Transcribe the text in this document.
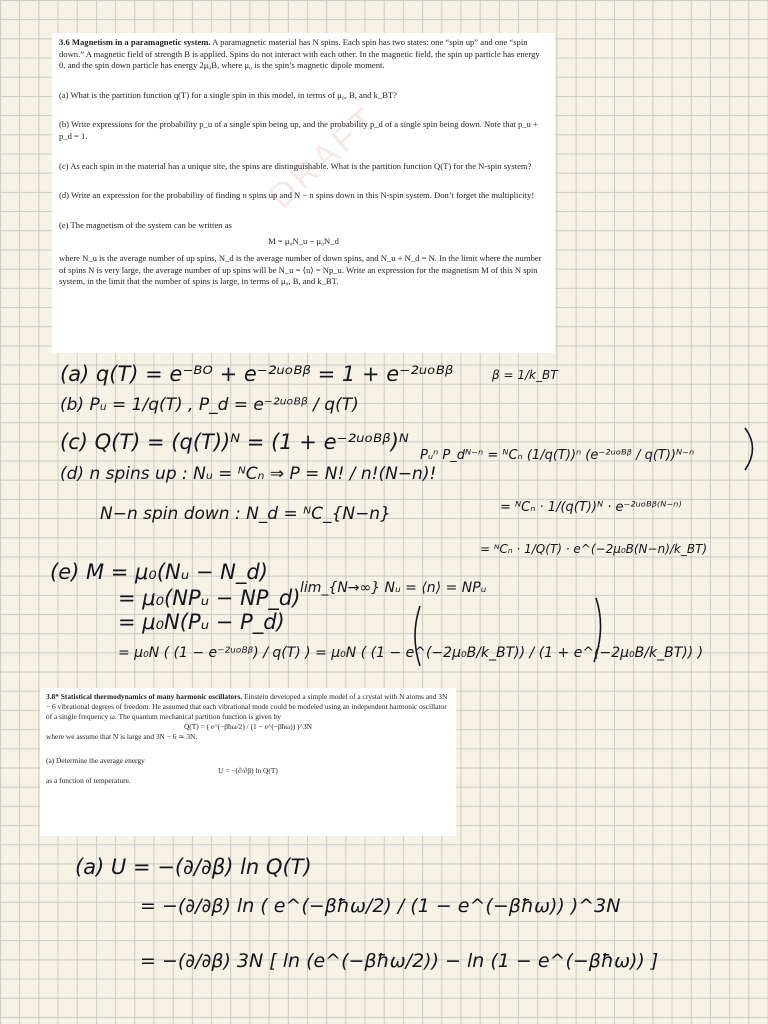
3.6 Magnetism in a paramagnetic system. A paramagnetic material has N spins. Each spin has two states: one “spin up” and one “spin down.” A magnetic field of strength B is applied. Spins do not interact with each other. In the magnetic field, the spin up particle has energy 0, and the spin down particle has energy 2μ₀B, where μ₀ is the spin’s magnetic dipole moment.

(a) What is the partition function q(T) for a single spin in this model, in terms of μ₀, B, and k_BT?

(b) Write expressions for the probability p_u of a single spin being up, and the probability p_d of a single spin being down. Note that p_u + p_d = 1.

(c) As each spin in the material has a unique site, the spins are distinguishable. What is the partition function Q(T) for the N-spin system?

(d) Write an expression for the probability of finding n spins up and N − n spins down in this N-spin system. Don’t forget the multiplicity!

(e) The magnetism of the system can be written as

M = μ₀N_u − μ₀N_d

where N_u is the average number of up spins, N_d is the average number of down spins, and N_u + N_d = N. In the limit where the number of spins N is very large, the average number of up spins will be N_u = ⟨n⟩ = Np_u. Write an expression for the magnetism M of this N spin system, in the limit that the number of spins is large, in terms of μ₀, B, and k_BT.

DRAFT
(a) q(T) = e⁻ᴮᴼ + e⁻²ᵘᵒᴮᵝ = 1 + e⁻²ᵘᵒᴮᵝ	β = 1/k_BT
(b) Pᵤ = 1/q(T) , P_d = e⁻²ᵘᵒᴮᵝ / q(T)
(c) Q(T) = (q(T))ᴺ = (1 + e⁻²ᵘᵒᴮᵝ)ᴺ
(d) n spins up : Nᵤ = ᴺCₙ ⇒ P = N! / n!(N−n)!
Pᵤⁿ P_dᴺ⁻ⁿ = ᴺCₙ (1/q(T))ⁿ (e⁻²ᵘᵒᴮᵝ / q(T))ᴺ⁻ⁿ
N−n spin down : N_d = ᴺC_{N−n}	= ᴺCₙ · 1/(q(T))ᴺ · e⁻²ᵘᵒᴮᵝ⁽ᴺ⁻ⁿ⁾
= ᴺCₙ · 1/Q(T) · e^(−2μ₀B(N−n)/k_BT)
(e) M = μ₀(Nᵤ − N_d)
lim_{N→∞} Nᵤ = ⟨n⟩ = NPᵤ
= μ₀(NPᵤ − NP_d)
= μ₀N(Pᵤ − P_d)
= μ₀N ( (1 − e⁻²ᵘᵒᴮᵝ) / q(T) ) = μ₀N ( (1 − e^(−2μ₀B/k_BT)) / (1 + e^(−2μ₀B/k_BT)) )

3.8* Statistical thermodynamics of many harmonic oscillators. Einstein developed a simple model of a crystal with N atoms and 3N − 6 vibrational degrees of freedom. He assumed that each vibrational mode could be modeled using an independent harmonic oscillator of a single frequency ω. The quantum mechanical partition function is given by

Q(T) = ( e^(−βħω/2) / (1 − e^(−βħω)) )^3N

where we assume that N is large and 3N − 6 ≃ 3N.

(a) Determine the average energy

U = −(∂/∂β) ln Q(T)

as a function of temperature.

(a) U = −(∂/∂β) ln Q(T)
= −(∂/∂β) ln ( e^(−βħω/2) / (1 − e^(−βħω)) )^3N
= −(∂/∂β) 3N [ ln (e^(−βħω/2)) − ln (1 − e^(−βħω)) ]
